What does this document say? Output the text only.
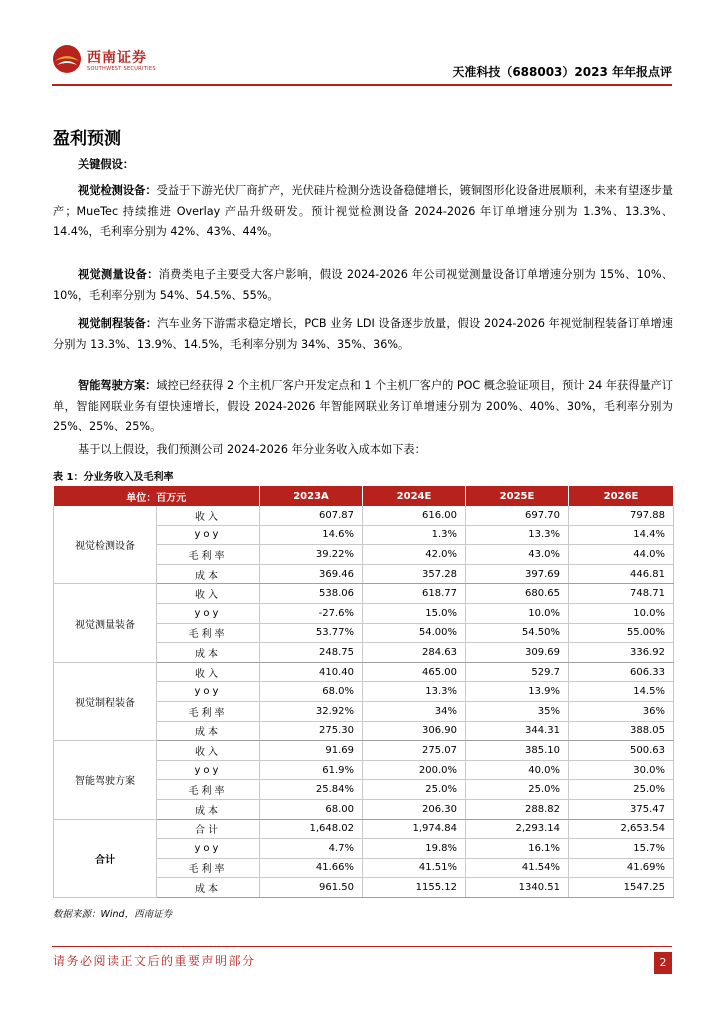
西南证券
SOUTHWEST SECURITIES	天准科技（688003）2023 年年报点评
盈利预测
关键假设：
视觉检测设备：受益于下游光伏厂商扩产，光伏硅片检测分选设备稳健增长，镀铜图形化设备进展顺利，未来有望逐步量产；MueTec 持续推进 Overlay 产品升级研发。预计视觉检测设备 2024-2026 年订单增速分别为 1.3%、13.3%、14.4%，毛利率分别为 42%、43%、44%。
视觉测量设备：消费类电子主要受大客户影响，假设 2024-2026 年公司视觉测量设备订单增速分别为 15%、10%、10%，毛利率分别为 54%、54.5%、55%。
视觉制程装备：汽车业务下游需求稳定增长，PCB 业务 LDI 设备逐步放量，假设 2024-2026 年视觉制程装备订单增速分别为 13.3%、13.9%、14.5%，毛利率分别为 34%、35%、36%。
智能驾驶方案：域控已经获得 2 个主机厂客户开发定点和 1 个主机厂客户的 POC 概念验证项目，预计 24 年获得量产订单，智能网联业务有望快速增长，假设 2024-2026 年智能网联业务订单增速分别为 200%、40%、30%，毛利率分别为 25%、25%、25%。
基于以上假设，我们预测公司 2024-2026 年分业务收入成本如下表：
表 1：分业务收入及毛利率
单位：百万元		2023A	2024E	2025E	2026E
视觉检测设备	收入	607.87	616.00	697.70	797.88
	yoy	14.6%	1.3%	13.3%	14.4%
	毛利率	39.22%	42.0%	43.0%	44.0%
	成本	369.46	357.28	397.69	446.81
视觉测量装备	收入	538.06	618.77	680.65	748.71
	yoy	-27.6%	15.0%	10.0%	10.0%
	毛利率	53.77%	54.00%	54.50%	55.00%
	成本	248.75	284.63	309.69	336.92
视觉制程装备	收入	410.40	465.00	529.7	606.33
	yoy	68.0%	13.3%	13.9%	14.5%
	毛利率	32.92%	34%	35%	36%
	成本	275.30	306.90	344.31	388.05
智能驾驶方案	收入	91.69	275.07	385.10	500.63
	yoy	61.9%	200.0%	40.0%	30.0%
	毛利率	25.84%	25.0%	25.0%	25.0%
	成本	68.00	206.30	288.82	375.47
合计	合计	1,648.02	1,974.84	2,293.14	2,653.54
	yoy	4.7%	19.8%	16.1%	15.7%
	毛利率	41.66%	41.51%	41.54%	41.69%
	成本	961.50	1155.12	1340.51	1547.25
数据来源：Wind，西南证券
请务必阅读正文后的重要声明部分	2
